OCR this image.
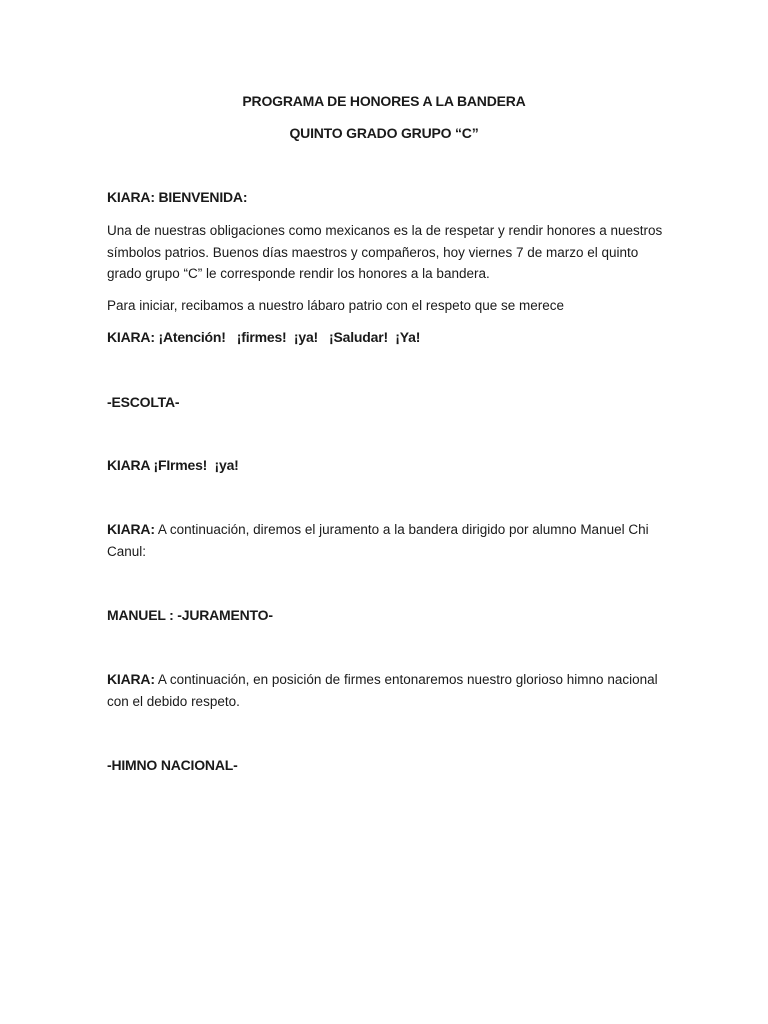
PROGRAMA DE HONORES A LA BANDERA
QUINTO GRADO GRUPO “C”
KIARA: BIENVENIDA:
Una de nuestras obligaciones como mexicanos es la de respetar y rendir honores a nuestros símbolos patrios. Buenos días maestros y compañeros, hoy viernes 7 de marzo el quinto grado grupo “C” le corresponde rendir los honores a la bandera.
Para iniciar, recibamos a nuestro lábaro patrio con el respeto que se merece
KIARA: ¡Atención!   ¡firmes!  ¡ya!   ¡Saludar!  ¡Ya!
-ESCOLTA-
KIARA ¡FIrmes!  ¡ya!
KIARA: A continuación, diremos el juramento a la bandera dirigido por alumno Manuel Chi Canul:
MANUEL : -JURAMENTO-
KIARA: A continuación, en posición de firmes entonaremos nuestro glorioso himno nacional con el debido respeto.
-HIMNO NACIONAL-
